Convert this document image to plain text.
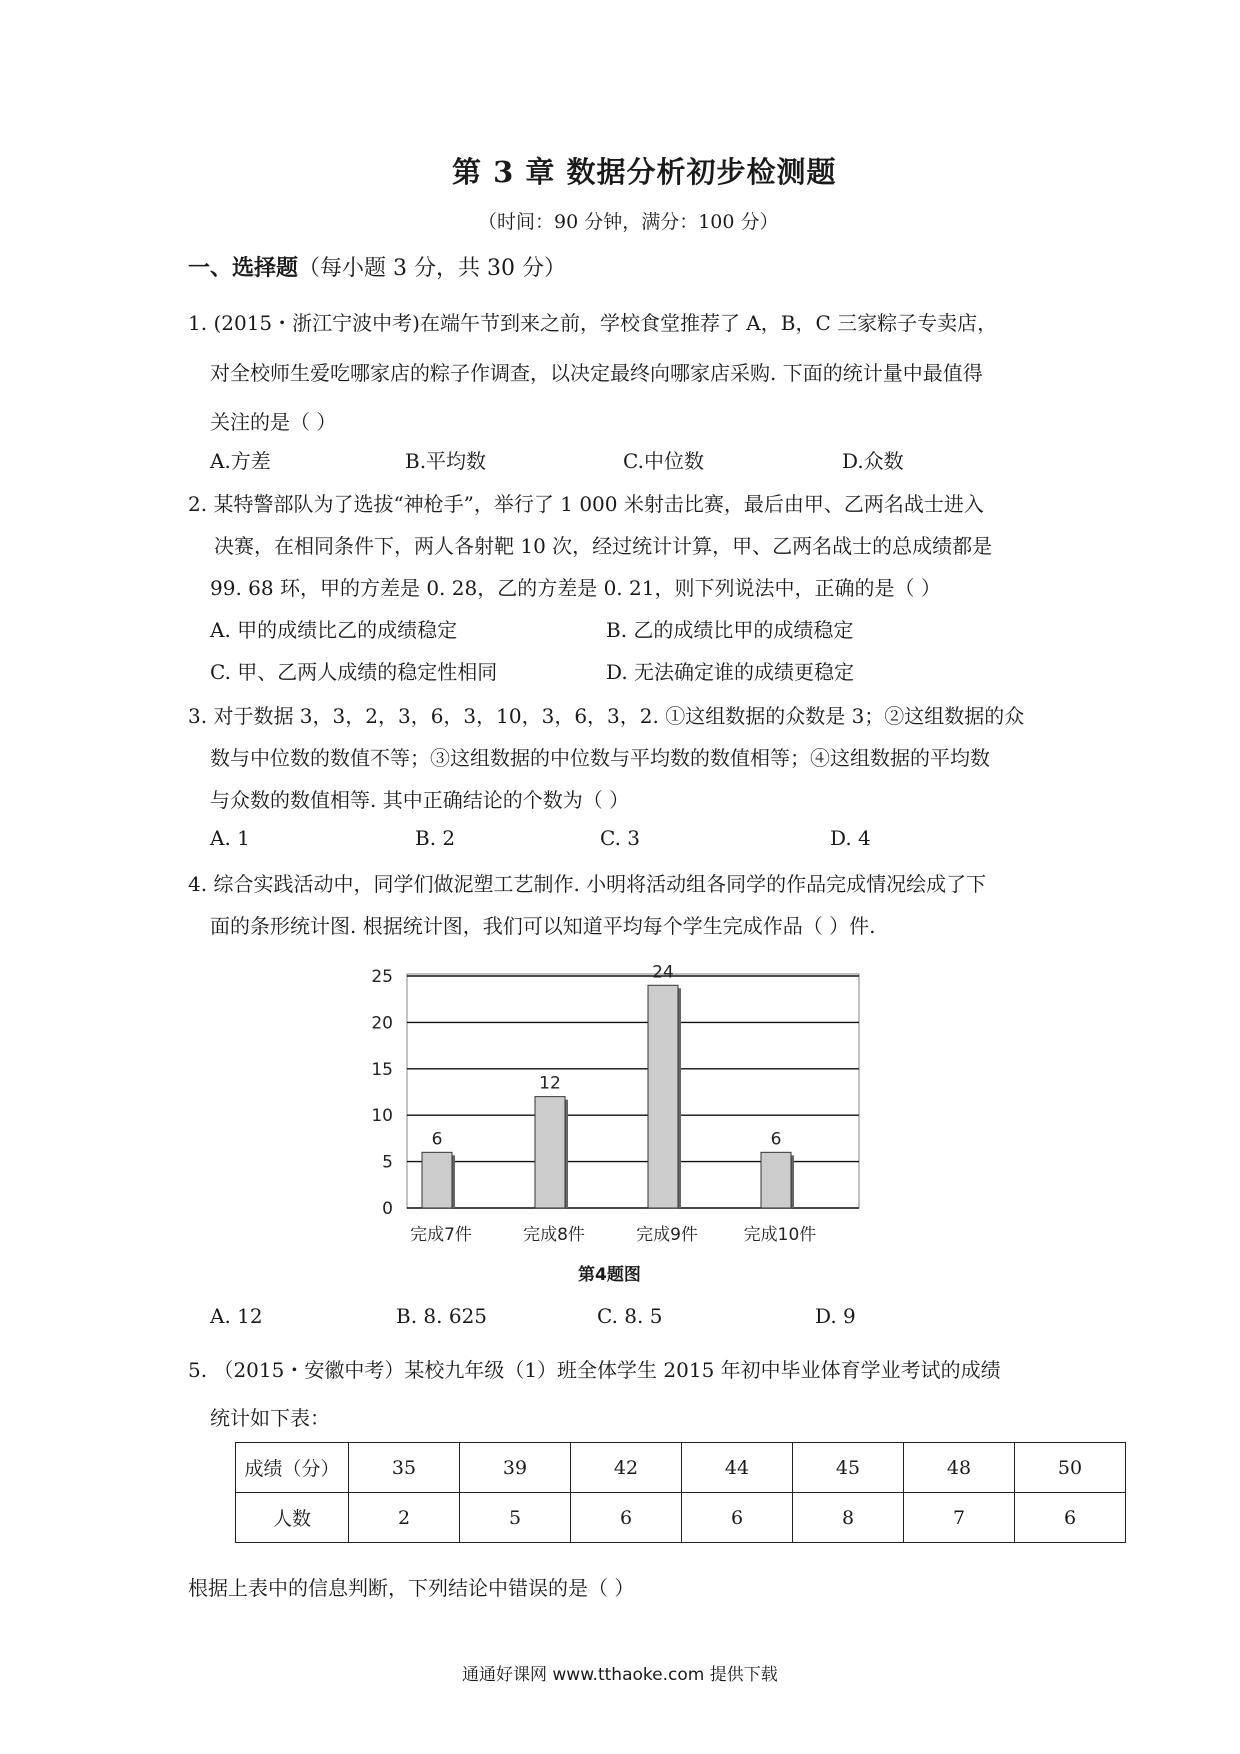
第 3 章 数据分析初步检测题
（时间：90 分钟，满分：100 分）
一、选择题（每小题 3 分，共 30 分）
1. (2015・浙江宁波中考)在端午节到来之前，学校食堂推荐了 A，B，C 三家粽子专卖店，
对全校师生爱吃哪家店的粽子作调查，以决定最终向哪家店采购. 下面的统计量中最值得
关注的是（ ）
A.方差	B.平均数	C.中位数	D.众数
2. 某特警部队为了选拔“神枪手”，举行了 1 000 米射击比赛，最后由甲、乙两名战士进入
决赛，在相同条件下，两人各射靶 10 次，经过统计计算，甲、乙两名战士的总成绩都是
99. 68 环，甲的方差是 0. 28，乙的方差是 0. 21，则下列说法中，正确的是（ ）
A. 甲的成绩比乙的成绩稳定	B. 乙的成绩比甲的成绩稳定
C. 甲、乙两人成绩的稳定性相同	D. 无法确定谁的成绩更稳定
3. 对于数据 3，3，2，3，6，3，10，3，6，3，2. ①这组数据的众数是 3；②这组数据的众
数与中位数的数值不等；③这组数据的中位数与平均数的数值相等；④这组数据的平均数
与众数的数值相等. 其中正确结论的个数为（ ）
A. 1	B. 2	C. 3	D. 4
4. 综合实践活动中，同学们做泥塑工艺制作. 小明将活动组各同学的作品完成情况绘成了下
面的条形统计图. 根据统计图，我们可以知道平均每个学生完成作品（ ）件.
0
5
10
15
20
25
6
完成7件
12
完成8件
24
完成9件
6
完成10件
第4题图
A. 12	B. 8. 625	C. 8. 5	D. 9
5. （2015・安徽中考）某校九年级（1）班全体学生 2015 年初中毕业体育学业考试的成绩
统计如下表：
成绩（分）	35	39	42	44	45	48	50
人数	2	5	6	6	8	7	6
根据上表中的信息判断，下列结论中错误的是（ ）
通通好课网 www.tthaoke.com 提供下载
